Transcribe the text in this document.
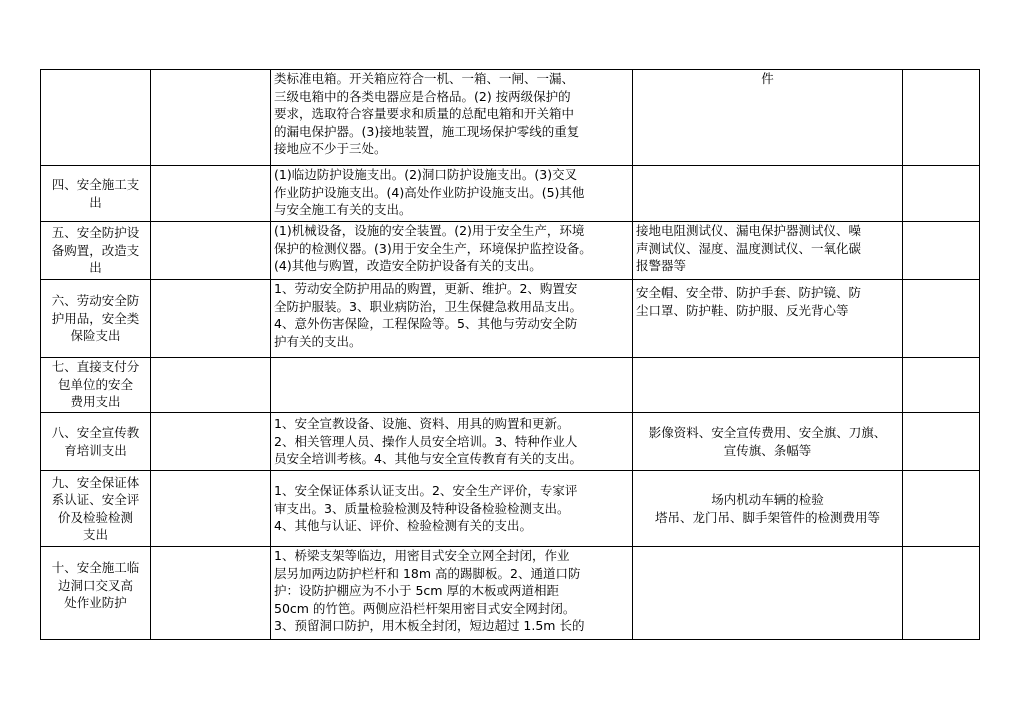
		类标准电箱。开关箱应符合一机、一箱、一闸、一漏、
三级电箱中的各类电器应是合格品。(2) 按两级保护的
要求，选取符合容量要求和质量的总配电箱和开关箱中
的漏电保护器。(3)接地装置，施工现场保护零线的重复
接地应不少于三处。	件	

四、安全施工支
出		(1)临边防护设施支出。(2)洞口防护设施支出。(3)交叉
作业防护设施支出。(4)高处作业防护设施支出。(5)其他
与安全施工有关的支出。		

五、安全防护设
备购置，改造支
出		(1)机械设备，设施的安全装置。(2)用于安全生产，环境
保护的检测仪器。(3)用于安全生产，环境保护监控设备。
(4)其他与购置，改造安全防护设备有关的支出。	接地电阻测试仪、漏电保护器测试仪、噪
声测试仪、湿度、温度测试仪、一氧化碳
报警器等	

六、劳动安全防
护用品，安全类
保险支出		1、劳动安全防护用品的购置，更新、维护。2、购置安
全防护服装。3、职业病防治，卫生保健急救用品支出。
4、意外伤害保险，工程保险等。5、其他与劳动安全防
护有关的支出。	安全帽、安全带、防护手套、防护镜、防
尘口罩、防护鞋、防护服、反光背心等	

七、直接支付分
包单位的安全
费用支出				

八、安全宣传教
育培训支出		1、安全宣教设备、设施、资料、用具的购置和更新。
2、相关管理人员、操作人员安全培训。3、特种作业人
员安全培训考核。4、其他与安全宣传教育有关的支出。	影像资料、安全宣传费用、安全旗、刀旗、
宣传旗、条幅等	

九、安全保证体
系认证、安全评
价及检验检测
支出		1、安全保证体系认证支出。2、安全生产评价，专家评
审支出。3、质量检验检测及特种设备检验检测支出。
4、其他与认证、评价、检验检测有关的支出。	场内机动车辆的检验
塔吊、龙门吊、脚手架管件的检测费用等	

十、安全施工临
边洞口交叉高
处作业防护		1、桥梁支架等临边，用密目式安全立网全封闭，作业
层另加两边防护栏杆和 18m 高的踢脚板。2、通道口防
护：设防护棚应为不小于 5cm 厚的木板或两道相距
50cm 的竹笆。两侧应沿栏杆架用密目式安全网封闭。
3、预留洞口防护，用木板全封闭，短边超过 1.5m 长的		
